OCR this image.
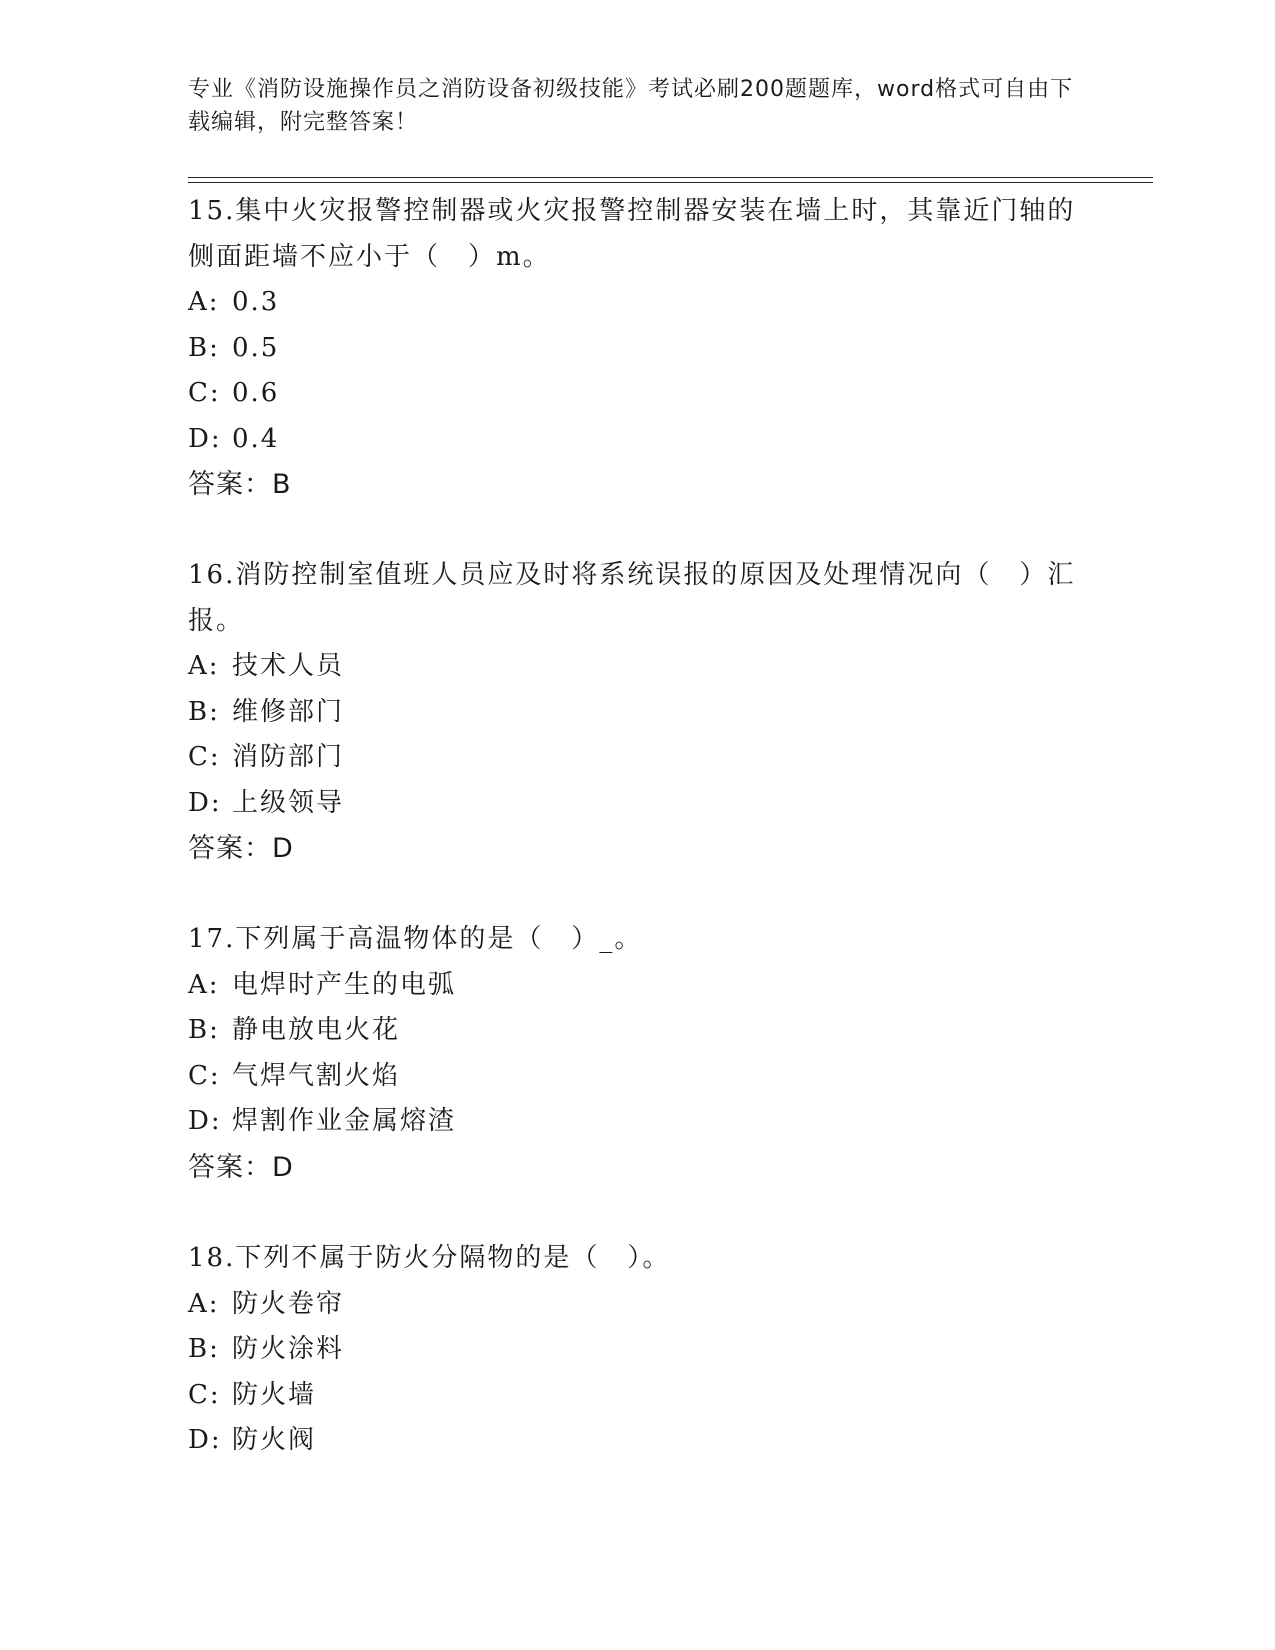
专业《消防设施操作员之消防设备初级技能》考试必刷200题题库，word格式可自由下载编辑，附完整答案！

15.集中火灾报警控制器或火灾报警控制器安装在墙上时，其靠近门轴的侧面距墙不应小于（　）m。

A: 0.3
B: 0.5
C: 0.6
D: 0.4
答案：B

16.消防控制室值班人员应及时将系统误报的原因及处理情况向（　）汇报。

A: 技术人员
B: 维修部门
C: 消防部门
D: 上级领导
答案：D

17.下列属于高温物体的是（　）_。

A: 电焊时产生的电弧
B: 静电放电火花
C: 气焊气割火焰
D: 焊割作业金属熔渣
答案：D

18.下列不属于防火分隔物的是（　）。

A: 防火卷帘
B: 防火涂料
C: 防火墙
D: 防火阀
